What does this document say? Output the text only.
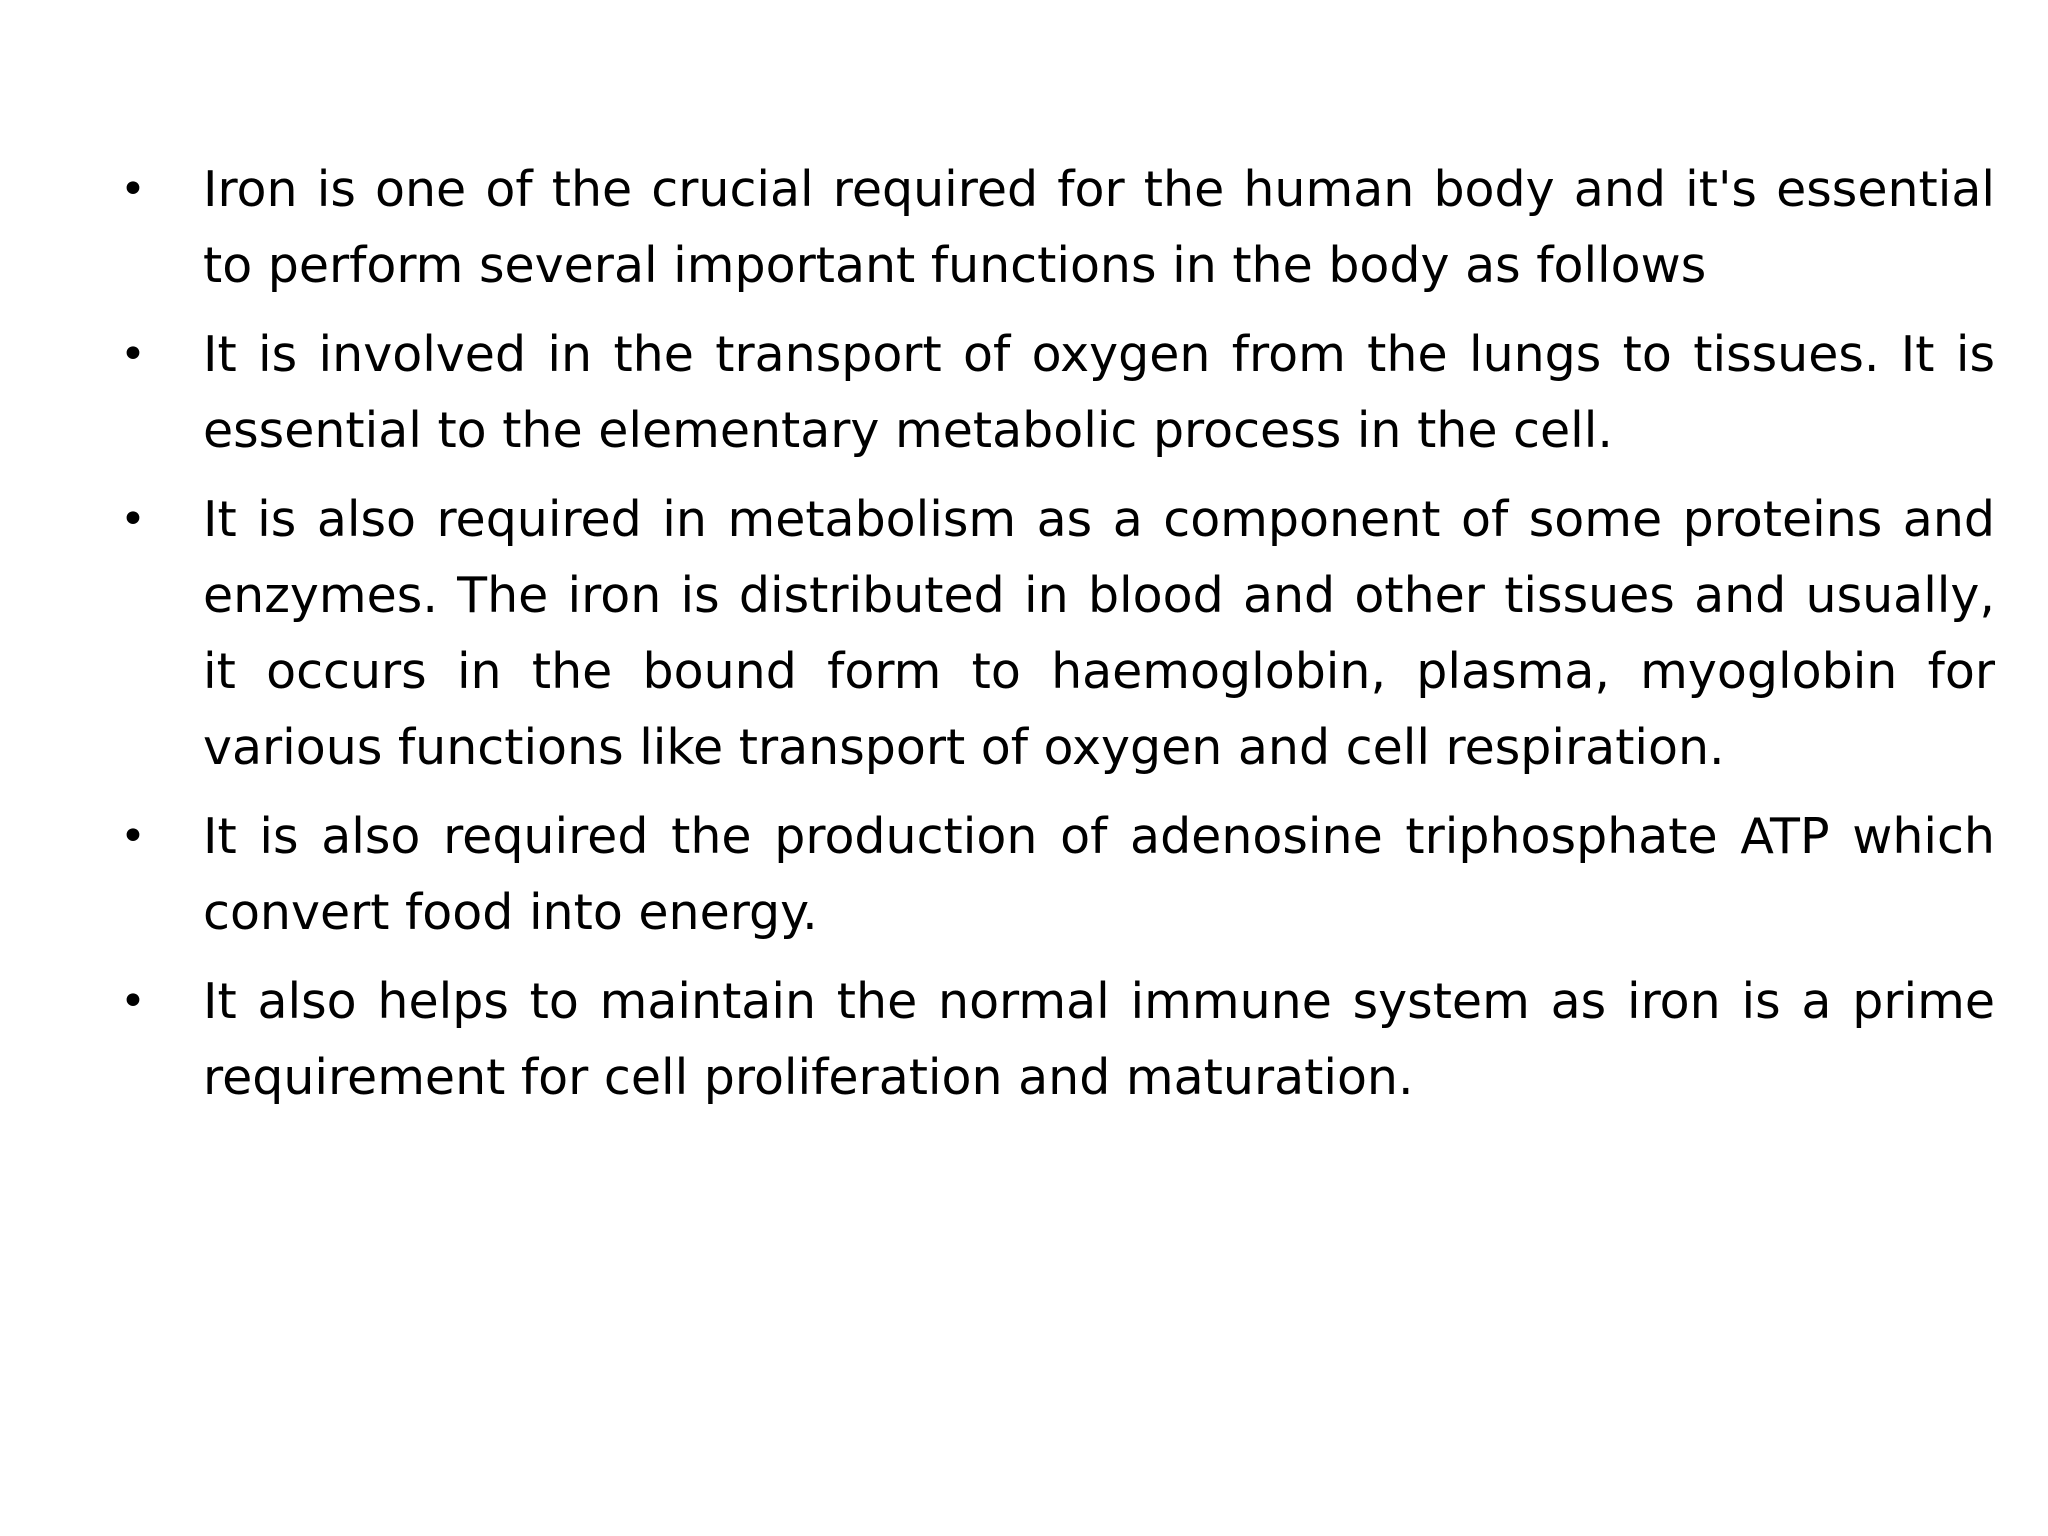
• Iron is one of the crucial required for the human body and it's essential to perform several important functions in the body as follows
• It is involved in the transport of oxygen from the lungs to tissues. It is essential to the elementary metabolic process in the cell.
• It is also required in metabolism as a component of some proteins and enzymes. The iron is distributed in blood and other tissues and usually, it occurs in the bound form to haemoglobin, plasma, myoglobin for various functions like transport of oxygen and cell respiration.
• It is also required the production of adenosine triphosphate ATP which convert food into energy.
• It also helps to maintain the normal immune system as iron is a prime requirement for cell proliferation and maturation.
